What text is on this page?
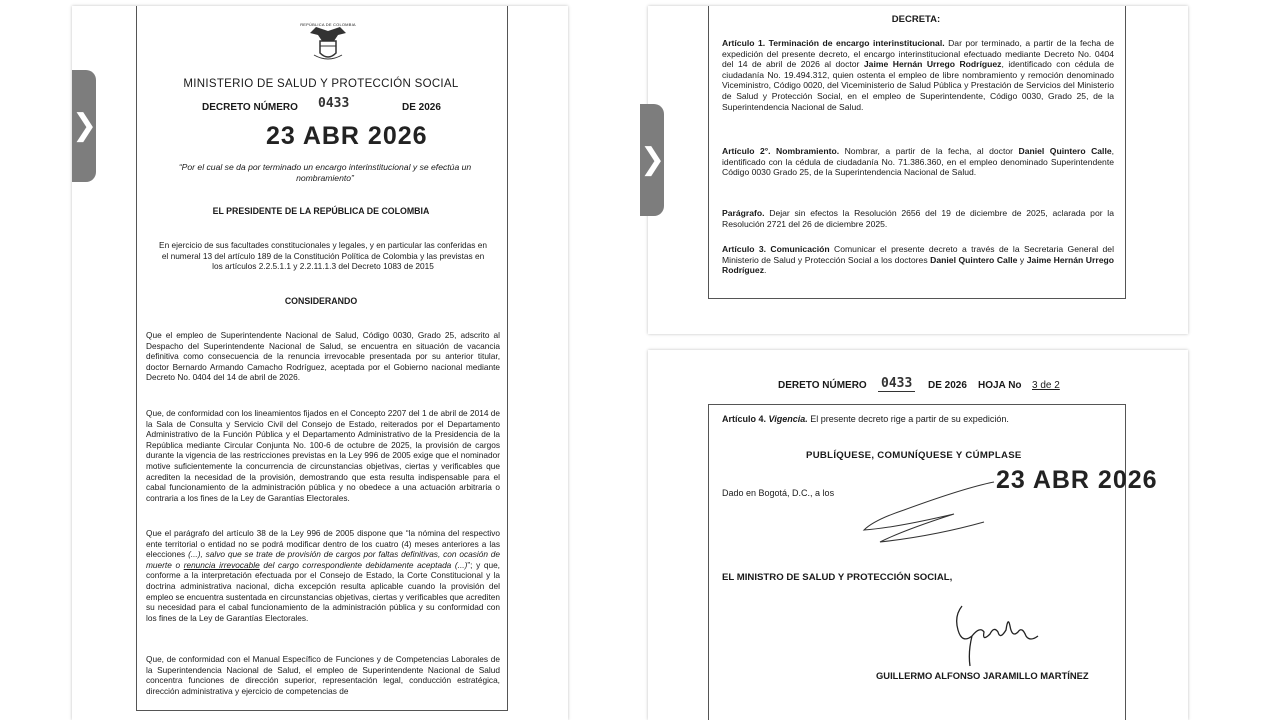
REPÚBLICA DE COLOMBIA
MINISTERIO DE SALUD Y PROTECCIÓN SOCIAL
DECRETO NÚMERO 0433	DE 2026
23 ABR 2026
“Por el cual se da por terminado un encargo interinstitucional y se efectúa un nombramiento”
EL PRESIDENTE DE LA REPÚBLICA DE COLOMBIA
En ejercicio de sus facultades constitucionales y legales, y en particular las conferidas en el numeral 13 del artículo 189 de la Constitución Política de Colombia y las previstas en los artículos 2.2.5.1.1 y 2.2.11.1.3 del Decreto 1083 de 2015
CONSIDERANDO

Que el empleo de Superintendente Nacional de Salud, Código 0030, Grado 25, adscrito al Despacho del Superintendente Nacional de Salud, se encuentra en situación de vacancia definitiva como consecuencia de la renuncia irrevocable presentada por su anterior titular, doctor Bernardo Armando Camacho Rodríguez, aceptada por el Gobierno nacional mediante Decreto No. 0404 del 14 de abril de 2026.

Que, de conformidad con los lineamientos fijados en el Concepto 2207 del 1 de abril de 2014 de la Sala de Consulta y Servicio Civil del Consejo de Estado, reiterados por el Departamento Administrativo de la Función Pública y el Departamento Administrativo de la Presidencia de la República mediante Circular Conjunta No. 100-6 de octubre de 2025, la provisión de cargos durante la vigencia de las restricciones previstas en la Ley 996 de 2005 exige que el nominador motive suficientemente la concurrencia de circunstancias objetivas, ciertas y verificables que acrediten la necesidad de la provisión, demostrando que esta resulta indispensable para el cabal funcionamiento de la administración pública y no obedece a una actuación arbitraria o contraria a los fines de la Ley de Garantías Electorales.

Que el parágrafo del artículo 38 de la Ley 996 de 2005 dispone que “la nómina del respectivo ente territorial o entidad no se podrá modificar dentro de los cuatro (4) meses anteriores a las elecciones (...), salvo que se trate de provisión de cargos por faltas definitivas, con ocasión de muerte o renuncia irrevocable del cargo correspondiente debidamente aceptada (...)”; y que, conforme a la interpretación efectuada por el Consejo de Estado, la Corte Constitucional y la doctrina administrativa nacional, dicha excepción resulta aplicable cuando la provisión del empleo se encuentra sustentada en circunstancias objetivas, ciertas y verificables que acrediten su necesidad para el cabal funcionamiento de la administración pública y su conformidad con los fines de la Ley de Garantías Electorales.

Que, de conformidad con el Manual Específico de Funciones y de Competencias Laborales de la Superintendencia Nacional de Salud, el empleo de Superintendente Nacional de Salud concentra funciones de dirección superior, representación legal, conducción estratégica, dirección administrativa y ejercicio de competencias de

DECRETA:

Artículo 1. Terminación de encargo interinstitucional. Dar por terminado, a partir de la fecha de expedición del presente decreto, el encargo interinstitucional efectuado mediante Decreto No. 0404 del 14 de abril de 2026 al doctor Jaime Hernán Urrego Rodríguez, identificado con cédula de ciudadanía No. 19.494.312, quien ostenta el empleo de libre nombramiento y remoción denominado Viceministro, Código 0020, del Viceministerio de Salud Pública y Prestación de Servicios del Ministerio de Salud y Protección Social, en el empleo de Superintendente, Código 0030, Grado 25, de la Superintendencia Nacional de Salud.

Artículo 2°. Nombramiento. Nombrar, a partir de la fecha, al doctor Daniel Quintero Calle, identificado con la cédula de ciudadanía No. 71.386.360, en el empleo denominado Superintendente Código 0030 Grado 25, de la Superintendencia Nacional de Salud.

Parágrafo. Dejar sin efectos la Resolución 2656 del 19 de diciembre de 2025, aclarada por la Resolución 2721 del 26 de diciembre 2025.

Artículo 3. Comunicación Comunicar el presente decreto a través de la Secretaria General del Ministerio de Salud y Protección Social a los doctores Daniel Quintero Calle y Jaime Hernán Urrego Rodríguez.

DERETO NÚMERO 0433	DE 2026 HOJA No 3 de 2

Artículo 4. Vigencia. El presente decreto rige a partir de su expedición.

PUBLÍQUESE, COMUNÍQUESE Y CÚMPLASE
Dado en Bogotá, D.C., a los	23 ABR 2026
EL MINISTRO DE SALUD Y PROTECCIÓN SOCIAL,
GUILLERMO ALFONSO JARAMILLO MARTÍNEZ
❯
❯
